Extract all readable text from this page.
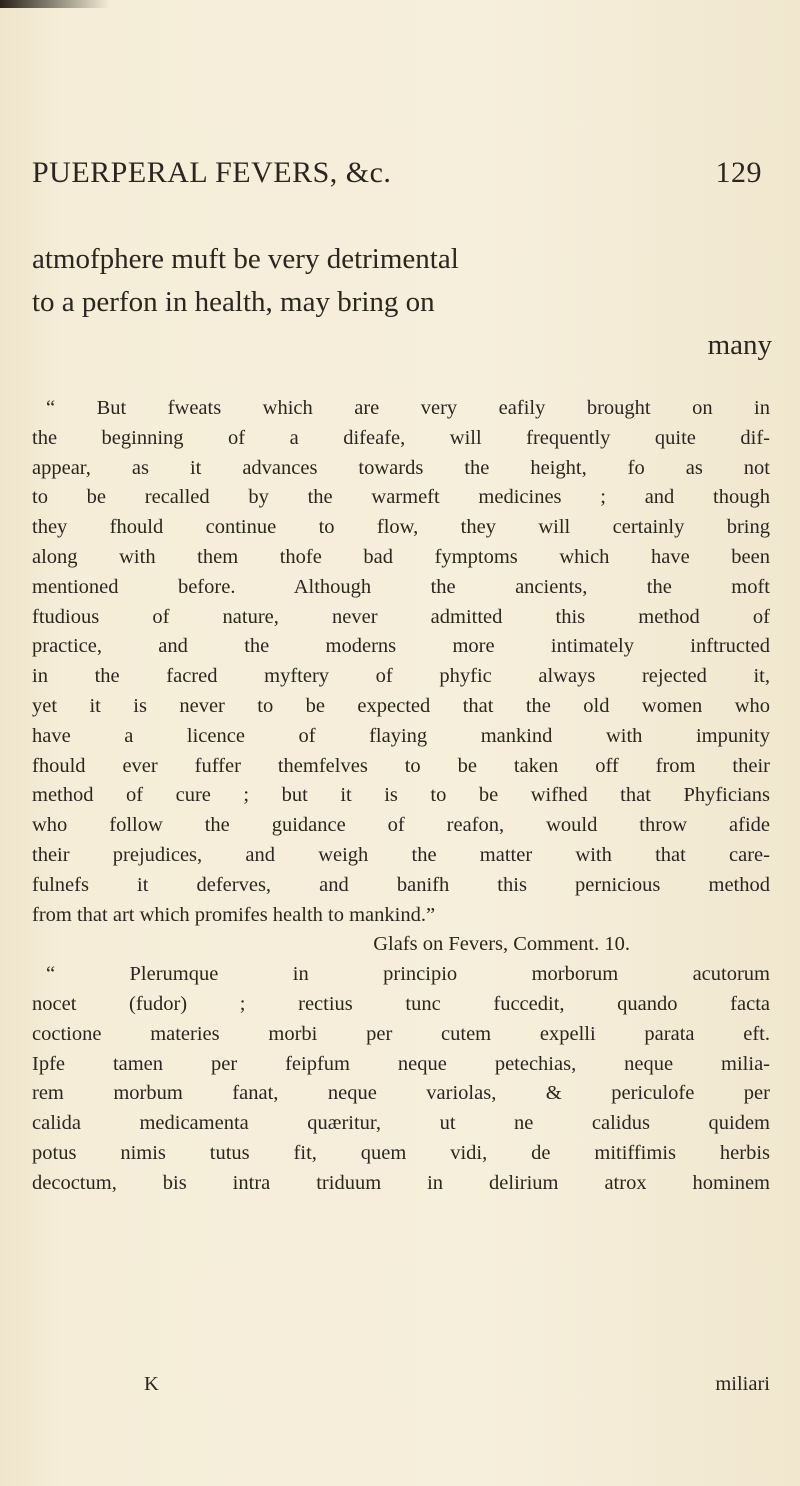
PUERPERAL FEVERS, &c.	129
atmofphere muft be very detrimental
to a perfon in health, may bring on
many
“ But fweats which are very eafily brought on in
the beginning of a difeafe, will frequently quite dif-
appear, as it advances towards the height, fo as not
to be recalled by the warmeft medicines ; and though
they fhould continue to flow, they will certainly bring
along with them thofe bad fymptoms which have been
mentioned before. Although the ancients, the moft
ftudious of nature, never admitted this method of
practice, and the moderns more intimately inftructed
in the facred myftery of phyfic always rejected it,
yet it is never to be expected that the old women who
have a licence of flaying mankind with impunity
fhould ever fuffer themfelves to be taken off from their
method of cure ; but it is to be wifhed that Phyficians
who follow the guidance of reafon, would throw afide
their prejudices, and weigh the matter with that care-
fulnefs it deferves, and banifh this pernicious method
from that art which promifes health to mankind.”
Glafs on Fevers, Comment. 10.
“ Plerumque in principio morborum acutorum
nocet (fudor) ; rectius tunc fuccedit, quando facta
coctione materies morbi per cutem expelli parata eft.
Ipfe tamen per feipfum neque petechias, neque milia-
rem morbum fanat, neque variolas, & periculofe per
calida medicamenta quæritur, ut ne calidus quidem
potus nimis tutus fit, quem vidi, de mitiffimis herbis
decoctum, bis intra triduum in delirium atrox hominem
K	miliari
